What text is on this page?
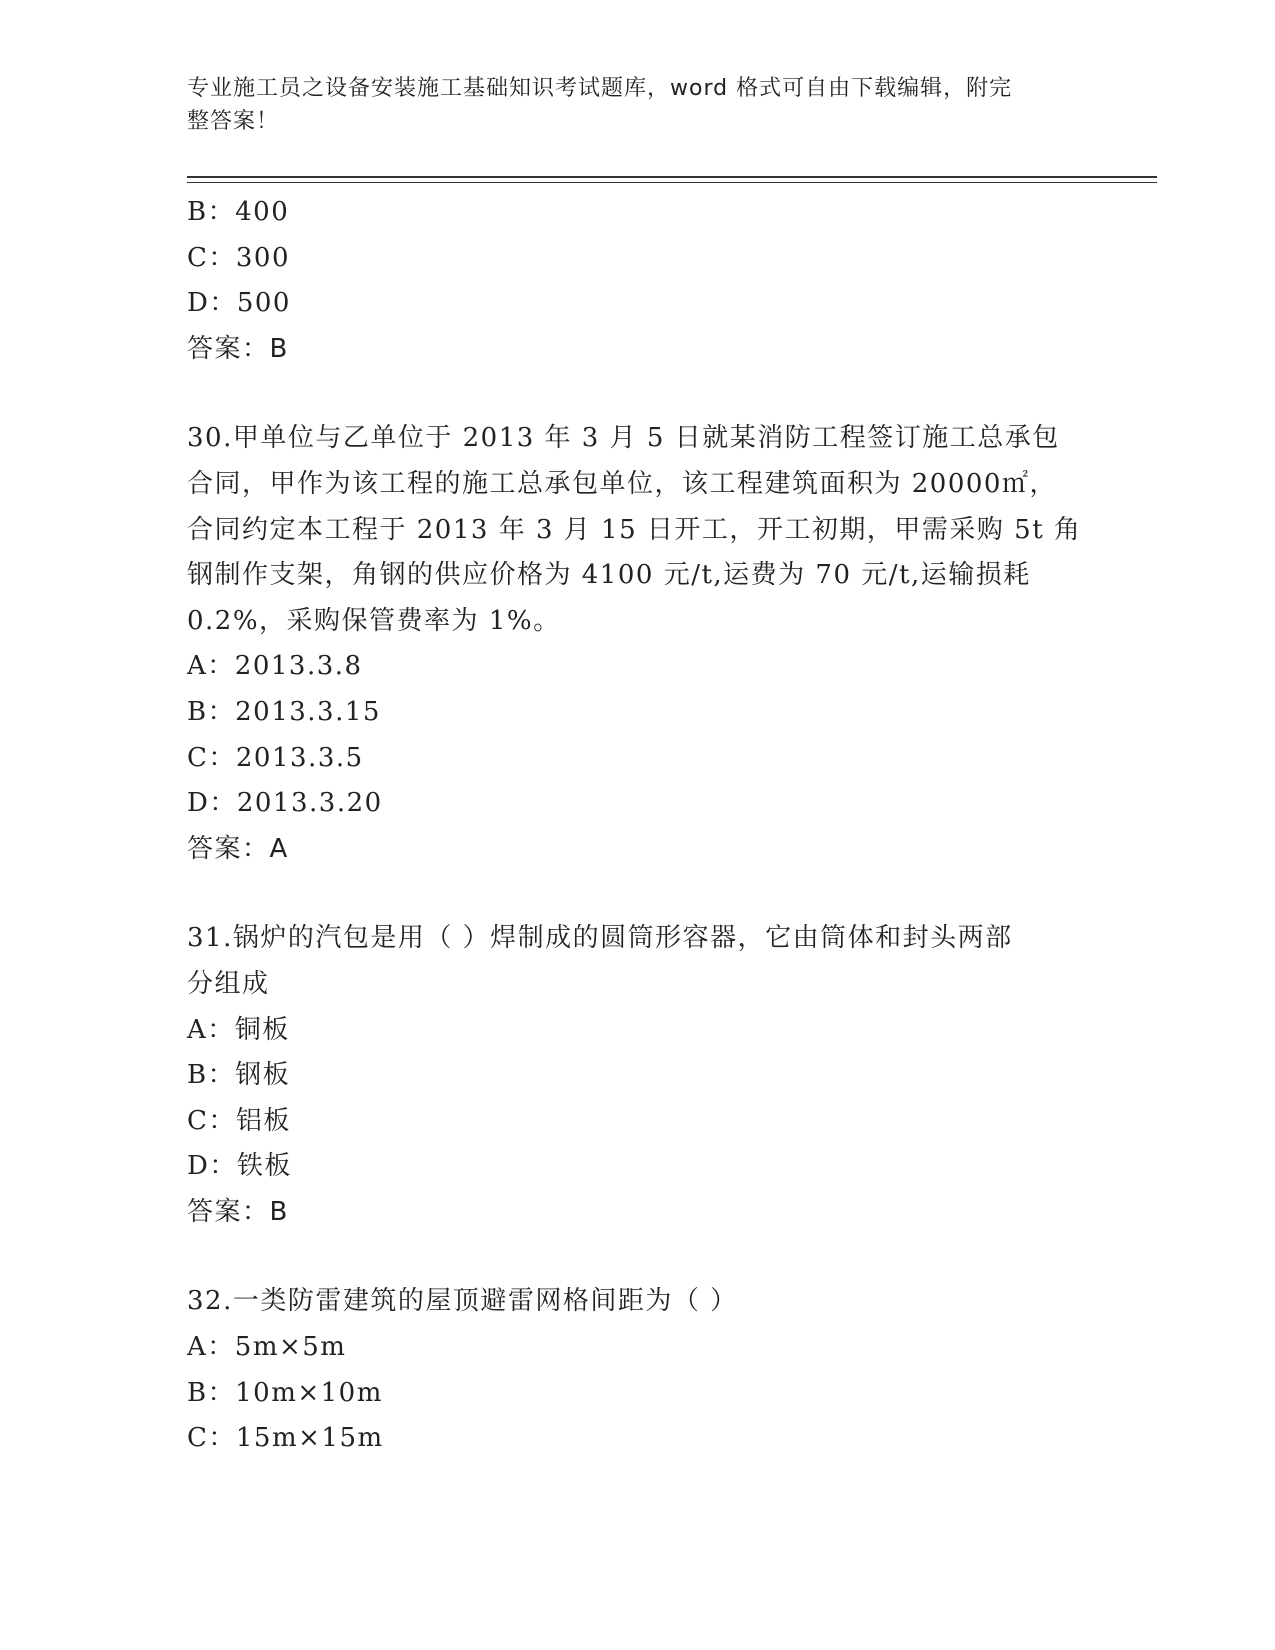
专业施工员之设备安装施工基础知识考试题库，word 格式可自由下载编辑，附完
整答案！
B：400
C：300
D：500
答案：B
30.甲单位与乙单位于 2013 年 3 月 5 日就某消防工程签订施工总承包
合同，甲作为该工程的施工总承包单位，该工程建筑面积为 20000㎡，
合同约定本工程于 2013 年 3 月 15 日开工，开工初期，甲需采购 5t 角
钢制作支架，角钢的供应价格为 4100 元/t,运费为 70 元/t,运输损耗
0.2%，采购保管费率为 1%。
A：2013.3.8
B：2013.3.15
C：2013.3.5
D：2013.3.20
答案：A
31.锅炉的汽包是用（ ）焊制成的圆筒形容器，它由筒体和封头两部
分组成
A：铜板
B：钢板
C：铝板
D：铁板
答案：B
32.一类防雷建筑的屋顶避雷网格间距为（ ）
A：5m×5m
B：10m×10m
C：15m×15m
